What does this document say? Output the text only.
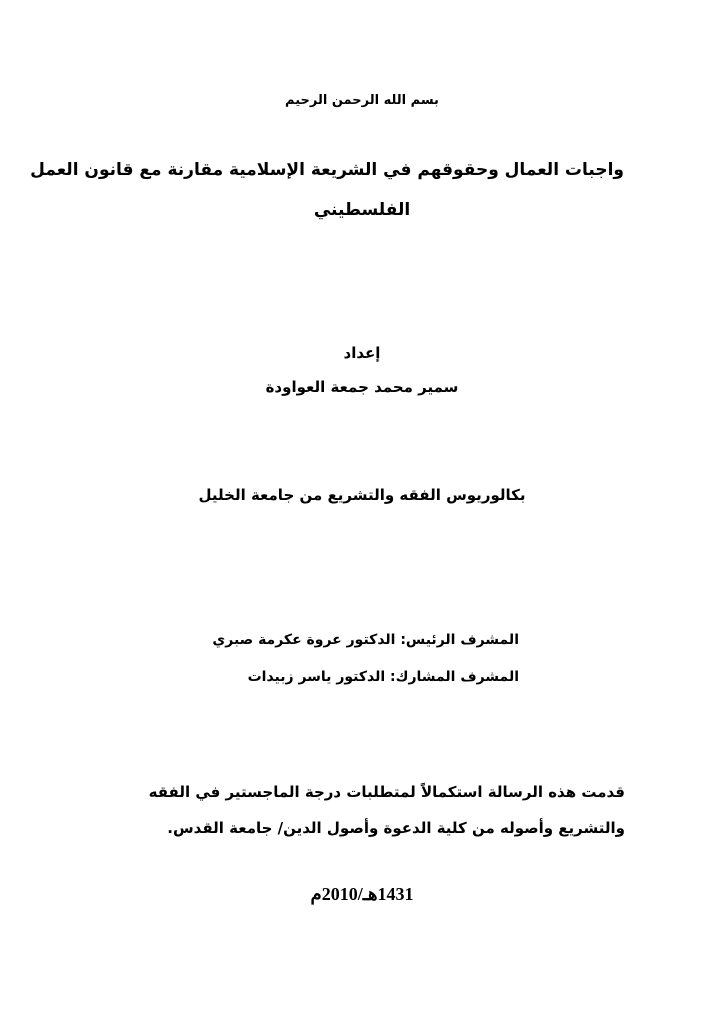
بسم الله الرحمن الرحيم
واجبات العمال وحقوقهم في الشريعة الإسلامية مقارنة مع قانون العمل
الفلسطيني
إعداد
سمير محمد جمعة العواودة
بكالوريوس الفقه والتشريع من جامعة الخليل
المشرف الرئيس: الدكتور عروة عكرمة صبري
المشرف المشارك: الدكتور ياسر زبيدات
قدمت هذه الرسالة استكمالاً لمتطلبات درجة الماجستير في الفقه
والتشريع وأصوله من كلية الدعوة وأصول الدين/ جامعة القدس.
1431هـ/2010م
